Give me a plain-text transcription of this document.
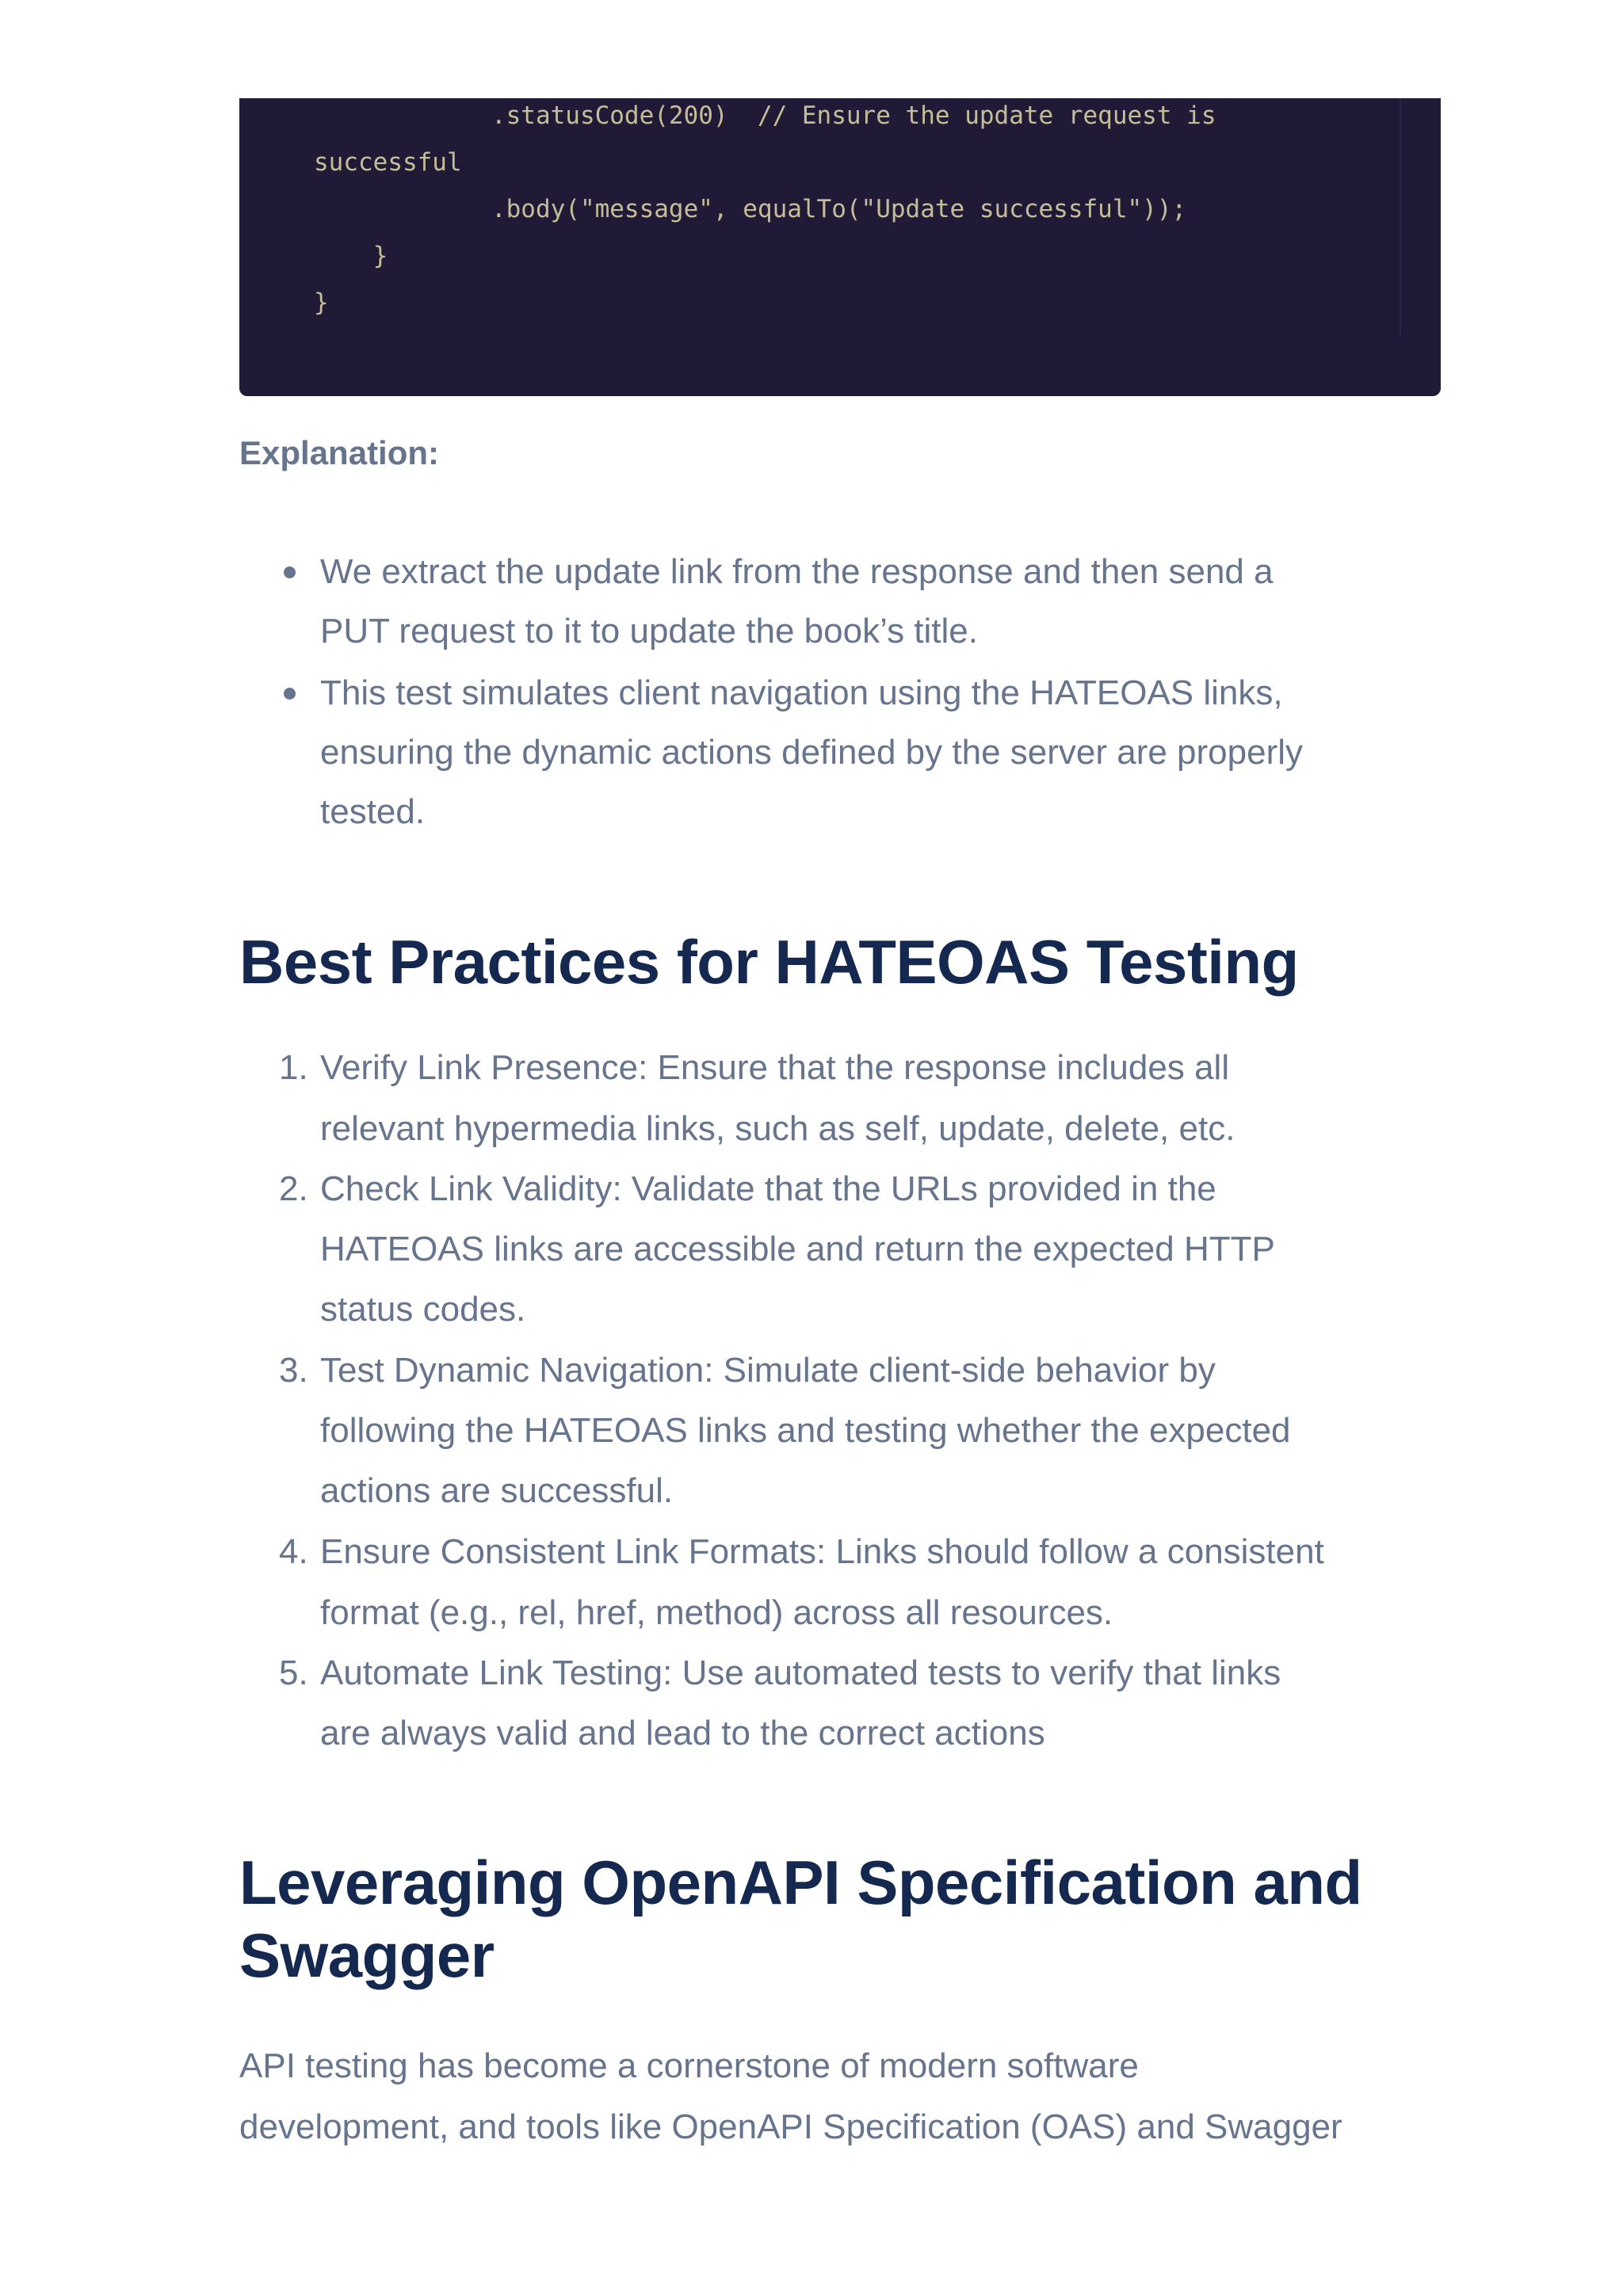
.statusCode(200)  // Ensure the update request is
successful
.body("message", equalTo("Update successful"));
}
}
Explanation:
We extract the update link from the response and then send a
PUT request to it to update the book’s title.
This test simulates client navigation using the HATEOAS links,
ensuring the dynamic actions defined by the server are properly
tested.
Best Practices for HATEOAS Testing
1. Verify Link Presence: Ensure that the response includes all
relevant hypermedia links, such as self, update, delete, etc.
2. Check Link Validity: Validate that the URLs provided in the
HATEOAS links are accessible and return the expected HTTP
status codes.
3. Test Dynamic Navigation: Simulate client-side behavior by
following the HATEOAS links and testing whether the expected
actions are successful.
4. Ensure Consistent Link Formats: Links should follow a consistent
format (e.g., rel, href, method) across all resources.
5. Automate Link Testing: Use automated tests to verify that links
are always valid and lead to the correct actions
Leveraging OpenAPI Specification and
Swagger
API testing has become a cornerstone of modern software
development, and tools like OpenAPI Specification (OAS) and Swagger
